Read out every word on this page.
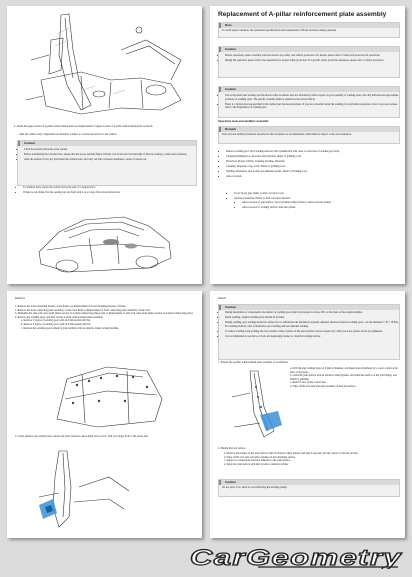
4. Install the upper section of A-pillar reinforcement plate, see Replacement of upper section of A-pillar reinforcement plate section 8.
After the vehicle body components are installed, conduct a corrosion protection to the vehicle.
Caution
• Clean the sealant before the cured sealant.
• Before transferring the corroded area, ensure that the area is securely fitted, and that coat or the new bolt and tight of head no sealing or other extra creations.
• After the sealant of bolt, dry and install the welded parts, and carry out anti-corrosion treatment to areas of current cut.
• To simulate these repairs the sealant before the end of corrugated box.
• If there is a problem, first the sealing part and brief with L.A so long of the actual subtraction.

Replacement of A-pillar reinforcement plate assembly

Note
To avoid repair confusion, the operational specifications and requirements of Body structure joining operation.
Caution
• Before operations, please carefully read and observe any safety and vehicle protection. For details, please refer to Safety and protection in operations.
• During the operation, please follow the regulations for proper safety protection. For specific safety protection measures, please refer to Safety protection.
Caution
• The weld pattern and welding specifications in this document does not exclusively reflect repairs. A good quantity of welding spots, but only indicates the approximate positions of welding spots. The specific quantity shall be adjusted to the actual vehicle.
• There is a friction process specified in the welded part between structures. If you are concerned about the welding, for any further questions or how to proceed, please refer to the Explanation of welding spot.
Operation tools and auxiliary materials
Remark
The tools and auxiliary materials described in this document are recommended, which shall be subject to the actual situation.
• Remove welding spot: Spot welding removal drill, spanish hole drill, steel or extraction of welding spot body.
• Cleaning/trimming box: Abrasive wheel grinder, flutter to grinding tools.
• Protection: Protect vehicle; Cleaning machine, materials.
• Cleaning: Degreaser, rags, cloth; Flutter to grinding tools.
• Welding: Resistance spot welder, gas shielded welder, flutter to Welding tools.
• Anti-corrosion:
• Tools: Spray gun, flutter to Anti-corrosion tools.
• Auxiliary materials: Flutter to Anti-corrosion material:
• Anti-corrosion of joint surface: Spot weldable primer, flutter to Anti-corrosion primer.
• Anti-corrosion of welding surface: Anti-rust primer.
Remove
1. Remove the lower mounting bracket of the frame, see Replacement of lower mounting bracket of frame.
2. Remove the front connecting plate assembly of side wall, Refer to Replacement of front connecting plate assembly of side wall.
3. Dismantle the side wall outer panel (inner section of A-pillar reinforcing plate), refer to Replacement of side wall outer panel (inner section of A-pillar reinforcing plate).
4. Remove the welding spots, and then cut the A-pillar reinforcement plate assembly.
a. Remove 3 layers of welding spots with an 8 mm spatula drill bit.
b. Remove 2 layers of welding spots with an 8 mm spatula drill bit.
c. Remove the welding spots formed by plug welding with an abrasive wheel cutting machine.
5. Lastly, Remove the welded parts, remove the joint clearance, the A-pillar brace lower; with your upper front to the lower side.
Install
Caution
• During installation of components, the number of welding spots shall be increased to above 20% on the basis of the original number.
• When welding, original welding spots should be avoided.
• During welding, spot welding should be carried out to confirm that the machine is properly adjusted: distance between welding spots = pit dia thickness * 20 + 10 mm. For welding method, refer to Resistance spot welding and Gas shielded welding.
• To reduce welding, hole welding, the two possible welds of plates of the joint position can be torqued very with your tools, plastic and be pre-tightened.
• It is recommended to use the tool clock and degreasing cleaner to clean the bonding surface.
1. Prepare the A-pillar reinforcement plate assembly to be installed.
a. Drill the plug welding holes of 8 mm in diameter, and make holes chamfered by a cone to remove the burrs of the holes.
b. Grind the joint surface with an abrasive wheel grinder, and polish the surface of the joint flange, and finish by grinding.
c. Remove burr on the contact line.
d. Wipe off the iron dust and other residues on the joint surface.
2. Handle the joint surface.
a. Remove the residue on the joint surface with an abrasive wheel grinder and sand it exposed, and the contact is smooth and flat.
b. Wipe off the iron dust and other residues on the remaining surface.
c. Apply two-component structural adhesive to the joint surface.
d. Spray the joint surface with zinc powder conductive primer.
Caution
Do not spray it too thick to avoid affecting the welding quality.
CarGeometry
